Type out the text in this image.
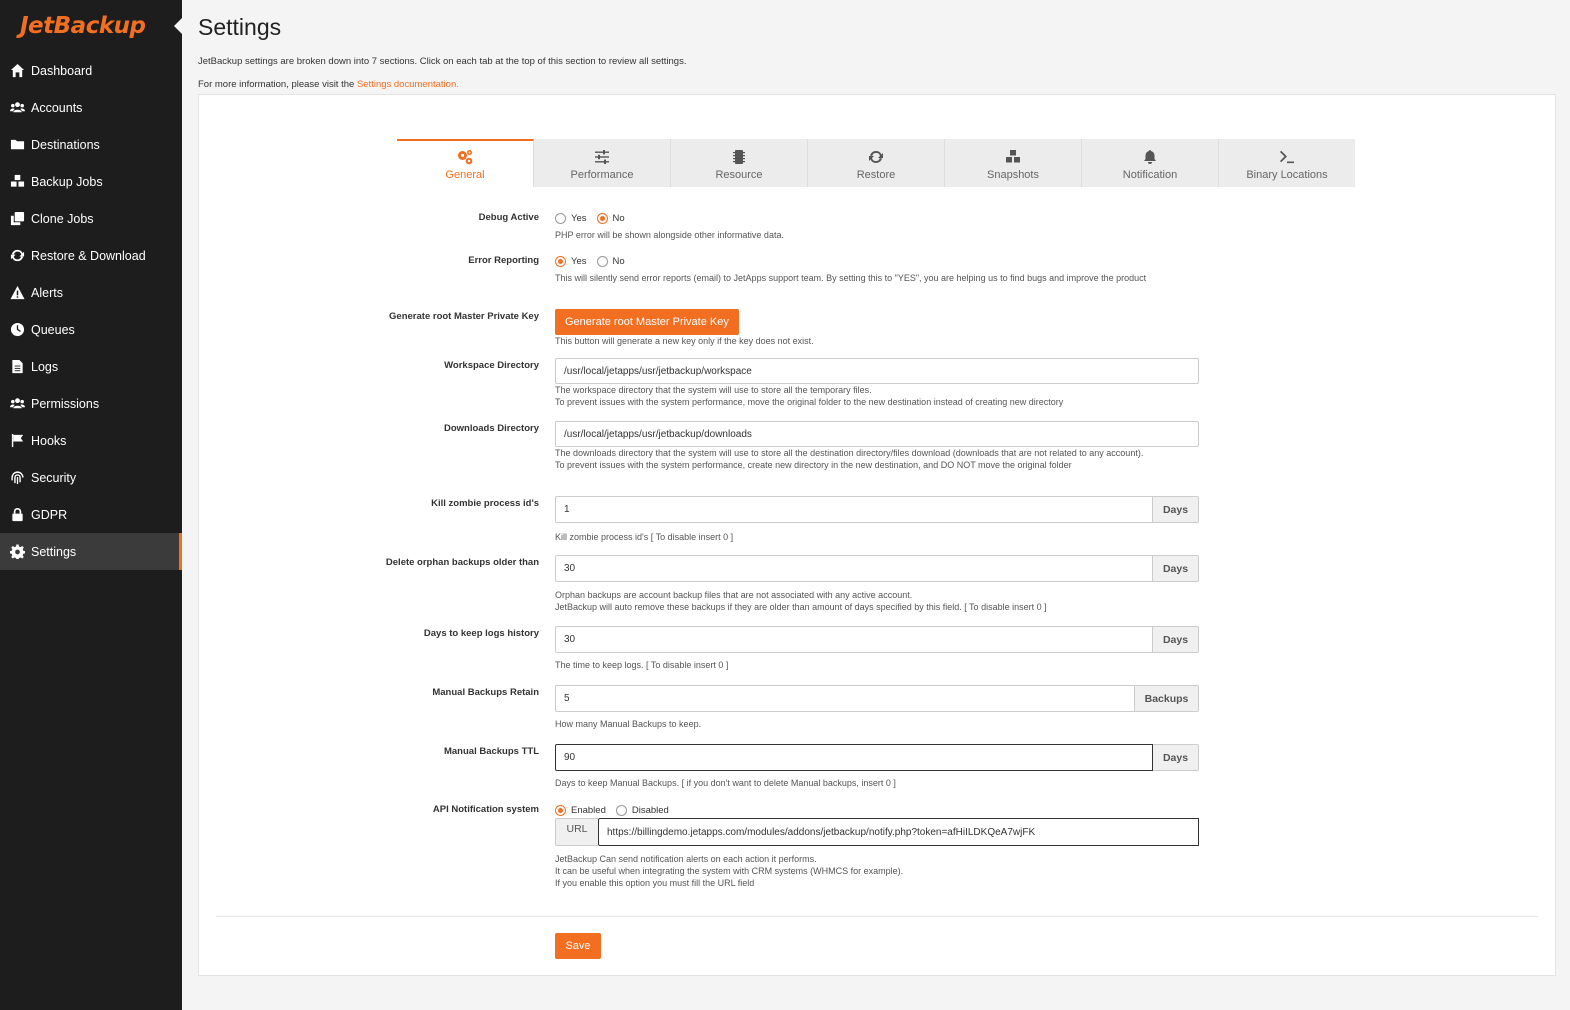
JetBackup
Dashboard
Accounts
Destinations
Backup Jobs
Clone Jobs
Restore & Download
Alerts
Queues
Logs
Permissions
Hooks
Security
GDPR
Settings
Settings

JetBackup settings are broken down into 7 sections. Click on each tab at the top of this section to review all settings.

For more information, please visit the Settings documentation.

General	Performance	Resource	Restore	Snapshots	Notification	Binary Locations
Debug Active	Yes	No
PHP error will be shown alongside other informative data.
Error Reporting	Yes	No
This will silently send error reports (email) to JetApps support team. By setting this to "YES", you are helping us to find bugs and improve the product
Generate root Master Private Key	Generate root Master Private Key
This button will generate a new key only if the key does not exist.
Workspace Directory	/usr/local/jetapps/usr/jetbackup/workspace
The workspace directory that the system will use to store all the temporary files.
To prevent issues with the system performance, move the original folder to the new destination instead of creating new directory
Downloads Directory	/usr/local/jetapps/usr/jetbackup/downloads
The downloads directory that the system will use to store all the destination directory/files download (downloads that are not related to any account).
To prevent issues with the system performance, create new directory in the new destination, and DO NOT move the original folder
Kill zombie process id's
1	Days
Kill zombie process id's [ To disable insert 0 ]
Delete orphan backups older than
30	Days
Orphan backups are account backup files that are not associated with any active account.
JetBackup will auto remove these backups if they are older than amount of days specified by this field. [ To disable insert 0 ]
Days to keep logs history
30	Days
The time to keep logs. [ To disable insert 0 ]
Manual Backups Retain
5	Backups
How many Manual Backups to keep.
Manual Backups TTL
90	Days
Days to keep Manual Backups. [ if you don't want to delete Manual backups, insert 0 ]
API Notification system	Enabled	Disabled
URL	https://billingdemo.jetapps.com/modules/addons/jetbackup/notify.php?token=afHiILDKQeA7wjFK
JetBackup Can send notification alerts on each action it performs.
It can be useful when integrating the system with CRM systems (WHMCS for example).
If you enable this option you must fill the URL field
Save
